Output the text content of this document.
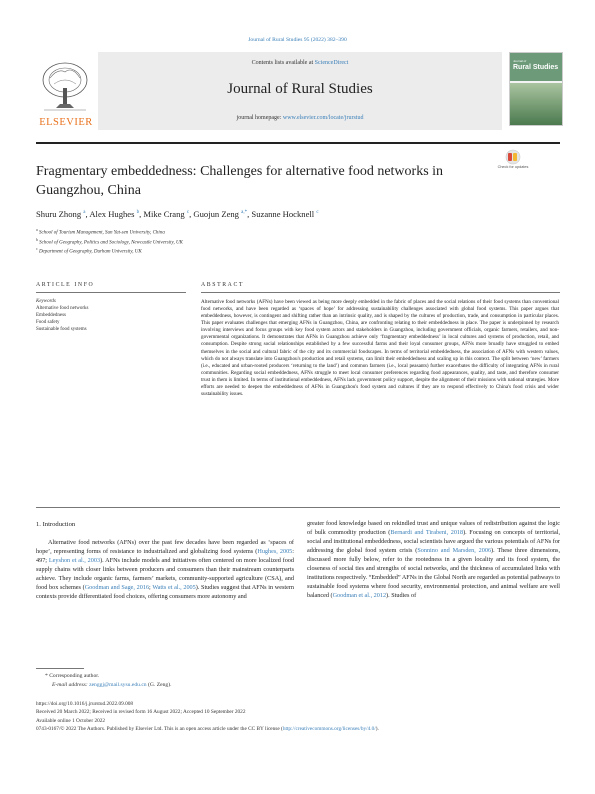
Journal of Rural Studies 95 (2022) 382–390
Contents lists available at ScienceDirect
Journal of Rural Studies
journal homepage: www.elsevier.com/locate/jrurstud
ELSEVIER
Journal of
Rural Studies
Fragmentary embeddedness: Challenges for alternative food networks in Guangzhou, China
Check for updates
Shuru Zhong $^a$, Alex Hughes $^b$, Mike Crang $^c$, Guojun Zeng $^{a,*}$, Suzanne Hocknell $^c$
$^a$ School of Tourism Management, Sun Yat-sen University, China
$^b$ School of Geography, Politics and Sociology, Newcastle University, UK
$^c$ Department of Geography, Durham University, UK
ARTICLE INFO	ABSTRACT
Keywords
Alternative food networks
Embeddedness
Food safety
Sustainable food systems
Alternative food networks (AFNs) have been viewed as being more deeply embedded in the fabric of places and the social relations of their food systems than conventional food networks, and have been regarded as ‘spaces of hope’ for addressing sustainability challenges associated with global food systems. This paper argues that embeddedness, however, is contingent and shifting rather than an intrinsic quality, and is shaped by the cultures of production, trade, and consumption in particular places. This paper evaluates challenges that emerging AFNs in Guangzhou, China, are confronting relating to their embeddedness in place. The paper is underpinned by research involving interviews and focus groups with key food system actors and stakeholders in Guangzhou, including government officials, organic farmers, retailers, and non-governmental organizations. It demonstrates that AFNs in Guangzhou achieve only ‘fragmentary embeddedness’ in local cultures and systems of production, retail, and consumption. Despite strong social relationships established by a few successful farms and their loyal consumer groups, AFNs more broadly have struggled to embed themselves in the social and cultural fabric of the city and its commercial foodscapes. In terms of territorial embeddedness, the association of AFNs with western values, which do not always translate into Guangzhou's production and retail systems, can limit their embeddedness and scaling up in this context. The split between ‘new’ farmers (i.e., educated and urban-rooted producers ‘returning to the land’) and common farmers (i.e., local peasants) further exacerbates the difficulty of integrating AFNs in rural communities. Regarding social embeddedness, AFNs struggle to meet local consumer preferences regarding food appearances, quality, and taste, and therefore consumer trust in them is limited. In terms of institutional embeddedness, AFNs lack government policy support, despite the alignment of their missions with national strategies. More efforts are needed to deepen the embeddedness of AFNs in Guangzhou's food system and cultures if they are to respond effectively to China's food crisis and wider sustainability issues.
1. Introduction

Alternative food networks (AFNs) over the past few decades have been regarded as ‘spaces of hope’, representing forms of resistance to industrialized and globalizing food systems (Hughes, 2005: 497; Leyshon et al., 2003). AFNs include models and initiatives often centered on more localized food supply chains with closer links between producers and consumers than their mainstream counterparts achieve. They include organic farms, farmers’ markets, community-supported agriculture (CSA), and food box schemes (Goodman and Sage, 2016; Watts et al., 2005). Studies suggest that AFNs in western contexts provide differentiated food choices, offering consumers more autonomy and

greater food knowledge based on rekindled trust and unique values of redistribution against the logic of bulk commodity production (Bernardi and Tirabeni, 2018). Focusing on concepts of territorial, social and institutional embeddedness, social scientists have argued the various potentials of AFNs for addressing the global food system crisis (Sonnino and Marsden, 2006). These three dimensions, discussed more fully below, refer to the rootedness in a given locality and its food system, the closeness of social ties and strengths of social networks, and the thickness of accumulated links with institutions respectively. “Embedded” AFNs in the Global North are regarded as potential pathways to sustainable food systems where food security, environmental protection, and animal welfare are well balanced (Goodman et al., 2012). Studies of

* Corresponding author.
E-mail address: zenggj@mail.sysu.edu.cn (G. Zeng).
https://doi.org/10.1016/j.jrurstud.2022.09.008
Received 20 March 2022; Received in revised form 16 August 2022; Accepted 10 September 2022
Available online 1 October 2022
0743-0167/© 2022 The Authors. Published by Elsevier Ltd. This is an open access article under the CC BY license (http://creativecommons.org/licenses/by/4.0/).
